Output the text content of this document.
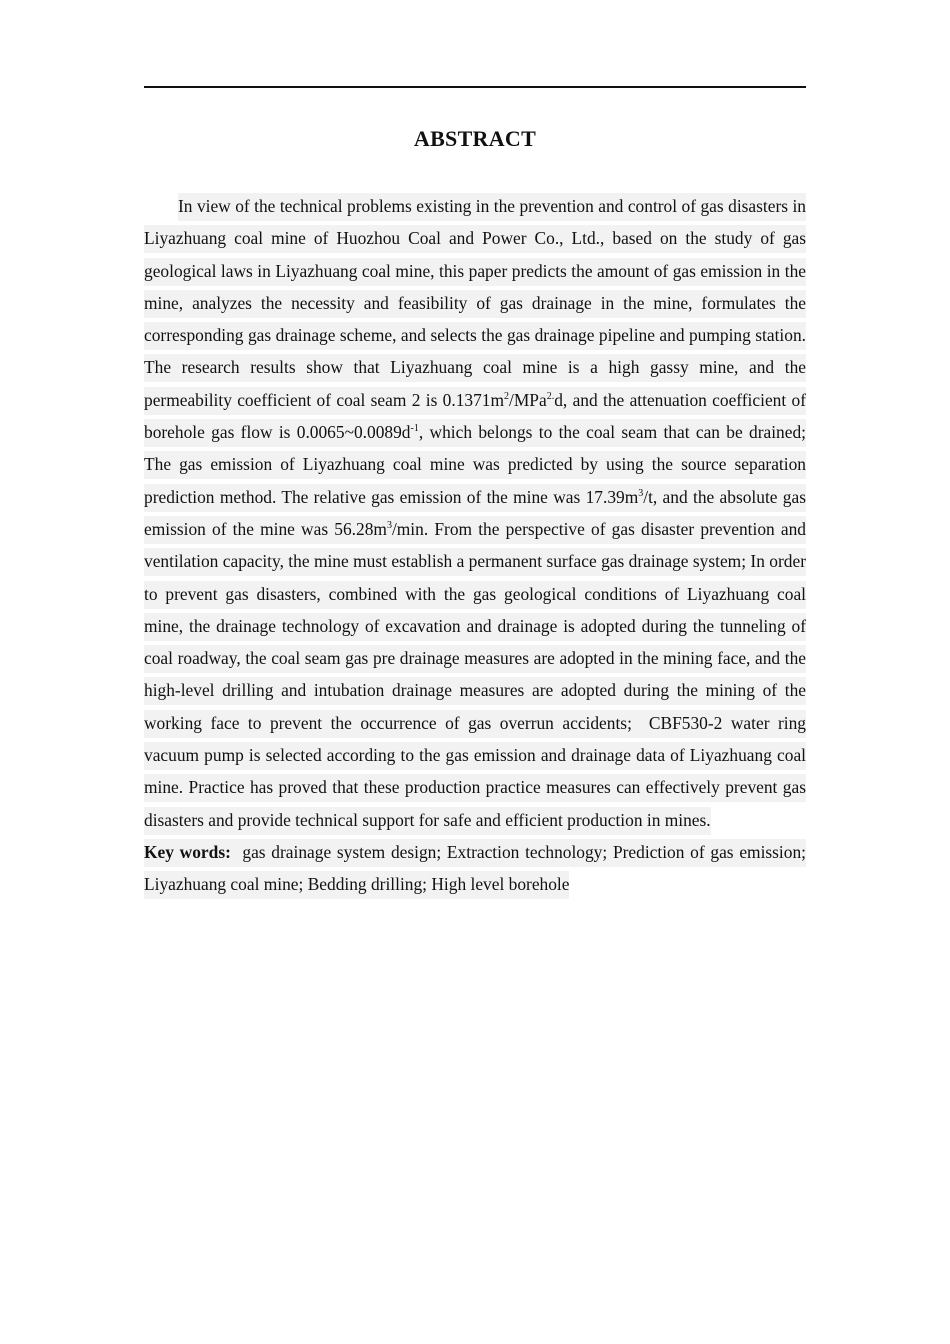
ABSTRACT

In view of the technical problems existing in the prevention and control of gas disasters in Liyazhuang coal mine of Huozhou Coal and Power Co., Ltd., based on the study of gas geological laws in Liyazhuang coal mine, this paper predicts the amount of gas emission in the mine, analyzes the necessity and feasibility of gas drainage in the mine, formulates the corresponding gas drainage scheme, and selects the gas drainage pipeline and pumping station. The research results show that Liyazhuang coal mine is a high gassy mine, and the permeability coefficient of coal seam 2 is $0.1371m^2/MPa^{2.}d$, and the attenuation coefficient of borehole gas flow is $0.0065\sim 0.0089d^{-1}$, which belongs to the coal seam that can be drained; The gas emission of Liyazhuang coal mine was predicted by using the source separation prediction method. The relative gas emission of the mine was $17.39m^3/t$, and the absolute gas emission of the mine was $56.28m^3/\min$. From the perspective of gas disaster prevention and ventilation capacity, the mine must establish a permanent surface gas drainage system; In order to prevent gas disasters, combined with the gas geological conditions of Liyazhuang coal mine, the drainage technology of excavation and drainage is adopted during the tunneling of coal roadway, the coal seam gas pre drainage measures are adopted in the mining face, and the high-level drilling and intubation drainage measures are adopted during the mining of the working face to prevent the occurrence of gas overrun accidents;  CBF530-2 water ring vacuum pump is selected according to the gas emission and drainage data of Liyazhuang coal mine. Practice has proved that these production practice measures can effectively prevent gas disasters and provide technical support for safe and efficient production in mines.

Key words:  gas drainage system design; Extraction technology; Prediction of gas emission; Liyazhuang coal mine; Bedding drilling; High level borehole
